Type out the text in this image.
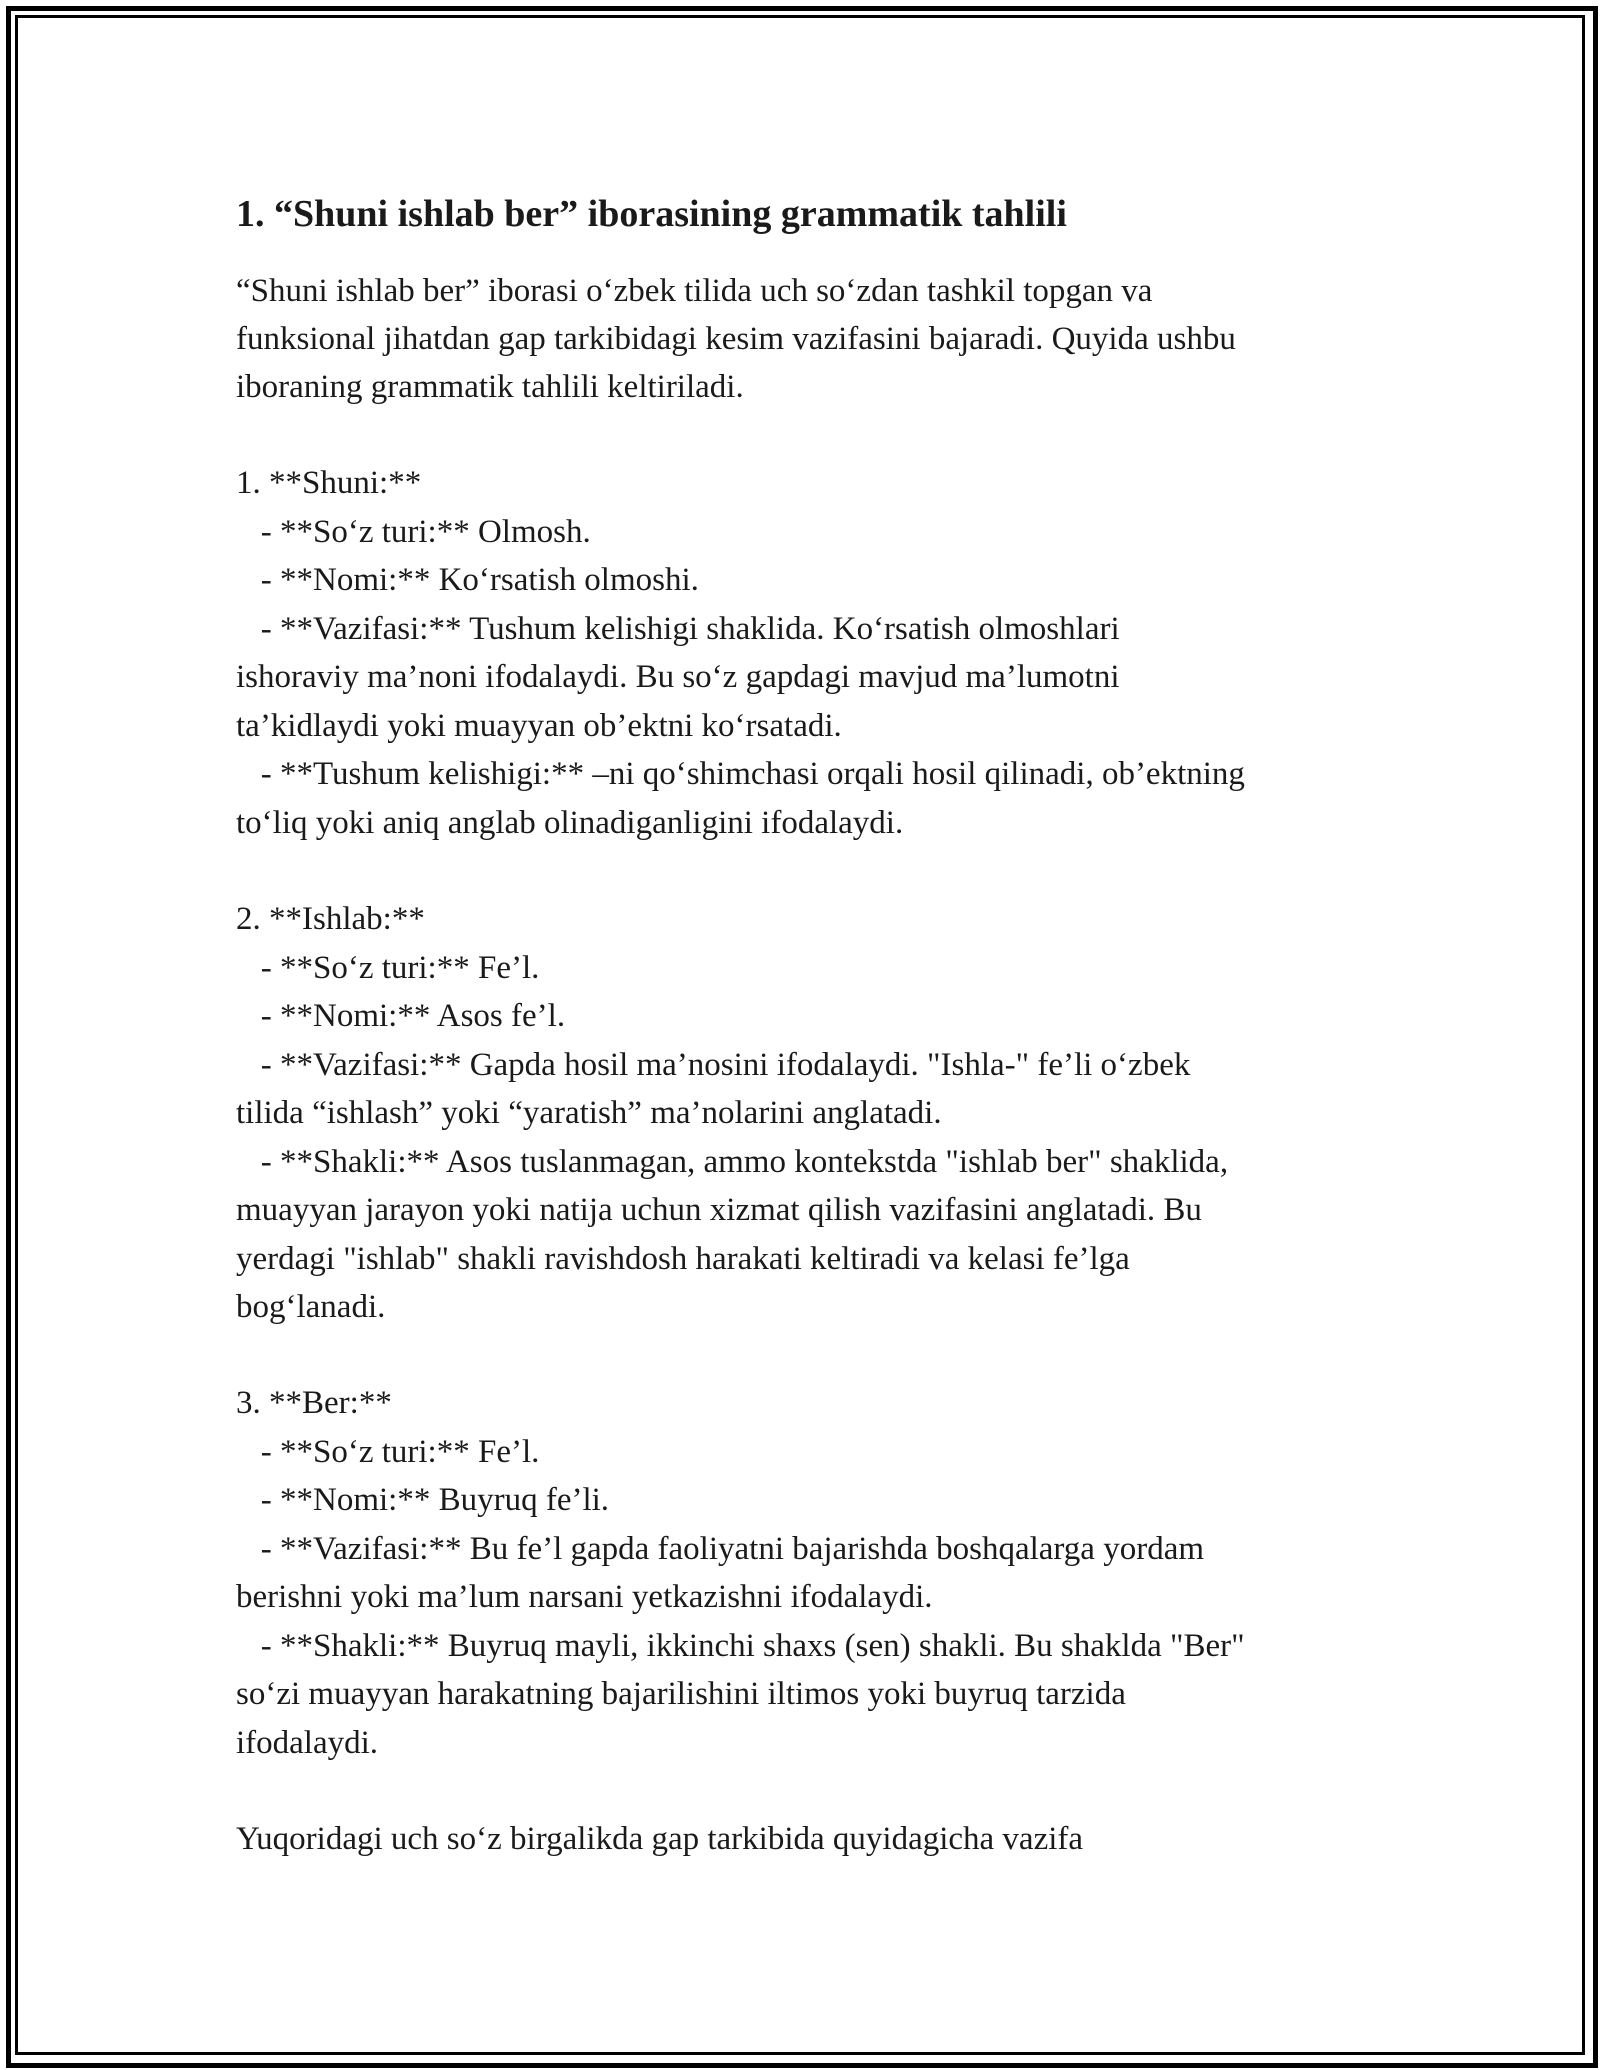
1. “Shuni ishlab ber” iborasining grammatik tahlili

“Shuni ishlab ber” iborasi o‘zbek tilida uch so‘zdan tashkil topgan va

funksional jihatdan gap tarkibidagi kesim vazifasini bajaradi. Quyida ushbu

iboraning grammatik tahlili keltiriladi.

1. **Shuni:**

- **So‘z turi:** Olmosh.

- **Nomi:** Ko‘rsatish olmoshi.

- **Vazifasi:** Tushum kelishigi shaklida. Ko‘rsatish olmoshlari

ishoraviy ma’noni ifodalaydi. Bu so‘z gapdagi mavjud ma’lumotni

ta’kidlaydi yoki muayyan ob’ektni ko‘rsatadi.

- **Tushum kelishigi:** –ni qo‘shimchasi orqali hosil qilinadi, ob’ektning

to‘liq yoki aniq anglab olinadiganligini ifodalaydi.

2. **Ishlab:**

- **So‘z turi:** Fe’l.

- **Nomi:** Asos fe’l.

- **Vazifasi:** Gapda hosil ma’nosini ifodalaydi. "Ishla-" fe’li o‘zbek

tilida “ishlash” yoki “yaratish” ma’nolarini anglatadi.

- **Shakli:** Asos tuslanmagan, ammo kontekstda "ishlab ber" shaklida,

muayyan jarayon yoki natija uchun xizmat qilish vazifasini anglatadi. Bu

yerdagi "ishlab" shakli ravishdosh harakati keltiradi va kelasi fe’lga

bog‘lanadi.

3. **Ber:**

- **So‘z turi:** Fe’l.

- **Nomi:** Buyruq fe’li.

- **Vazifasi:** Bu fe’l gapda faoliyatni bajarishda boshqalarga yordam

berishni yoki ma’lum narsani yetkazishni ifodalaydi.

- **Shakli:** Buyruq mayli, ikkinchi shaxs (sen) shakli. Bu shaklda "Ber"

so‘zi muayyan harakatning bajarilishini iltimos yoki buyruq tarzida

ifodalaydi.

Yuqoridagi uch so‘z birgalikda gap tarkibida quyidagicha vazifa
